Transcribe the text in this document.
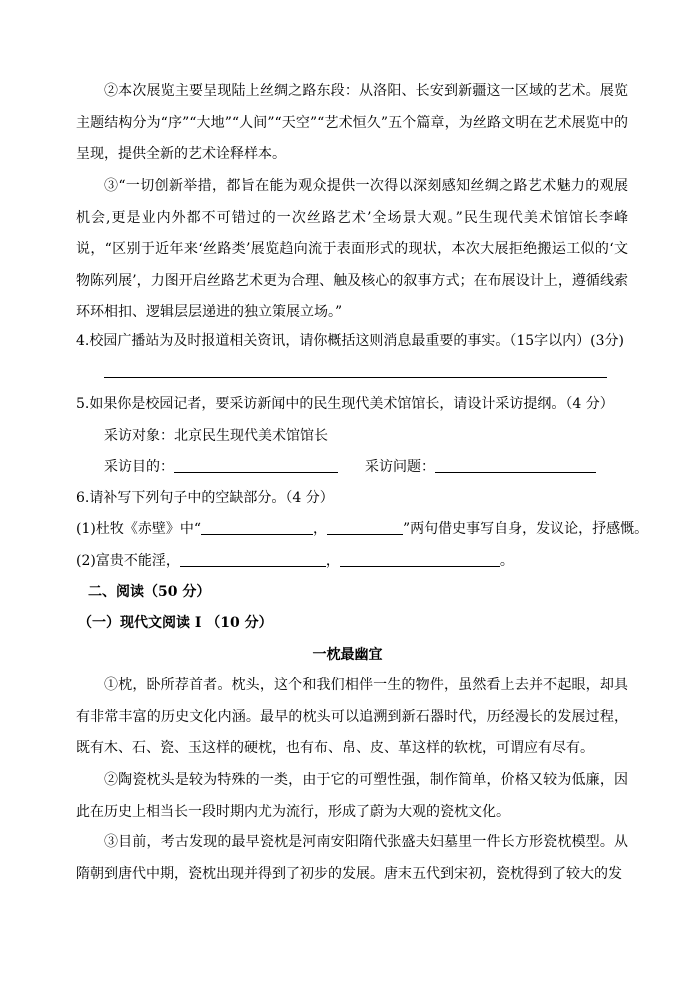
②本次展览主要呈现陆上丝绸之路东段：从洛阳、长安到新疆这一区域的艺术。展览主题结构分为“序”“大地”“人间”“天空”“艺术恒久”五个篇章，为丝路文明在艺术展览中的呈现，提供全新的艺术诠释样本。

③“一切创新举措，都旨在能为观众提供一次得以深刻感知丝绸之路艺术魅力的观展机会,更是业内外都不可错过的一次丝路艺术’全场景大观。”民生现代美术馆馆长李峰说，“区别于近年来‘丝路类’展览趋向流于表面形式的现状，本次大展拒绝搬运工似的‘文物陈列展’，力图开启丝路艺术更为合理、触及核心的叙事方式；在布展设计上，遵循线索环环相扣、逻辑层层递进的独立策展立场。”

4.校园广播站为及时报道相关资讯，请你概括这则消息最重要的事实。（15字以内）(3分)
5.如果你是校园记者，要采访新闻中的民生现代美术馆馆长，请设计采访提纲。（4 分）
采访对象：北京民生现代美术馆馆长
采访目的：	采访问题：
6.请补写下列句子中的空缺部分。（4 分）
(1)杜牧《赤壁》中“	，	”两句借史事写自身，发议论，抒感慨。
(2)富贵不能淫，	，	。
二、阅读（50 分）
（一）现代文阅读 I （10 分）
一枕最幽宜

①枕，卧所荐首者。枕头，这个和我们相伴一生的物件，虽然看上去并不起眼，却具有非常丰富的历史文化内涵。最早的枕头可以追溯到新石器时代，历经漫长的发展过程，既有木、石、瓷、玉这样的硬枕，也有布、帛、皮、革这样的软枕，可谓应有尽有。

②陶瓷枕头是较为特殊的一类，由于它的可塑性强，制作简单，价格又较为低廉，因此在历史上相当长一段时期内尤为流行，形成了蔚为大观的瓷枕文化。

③目前，考古发现的最早瓷枕是河南安阳隋代张盛夫妇墓里一件长方形瓷枕模型。从隋朝到唐代中期，瓷枕出现并得到了初步的发展。唐末五代到宋初，瓷枕得到了较大的发
